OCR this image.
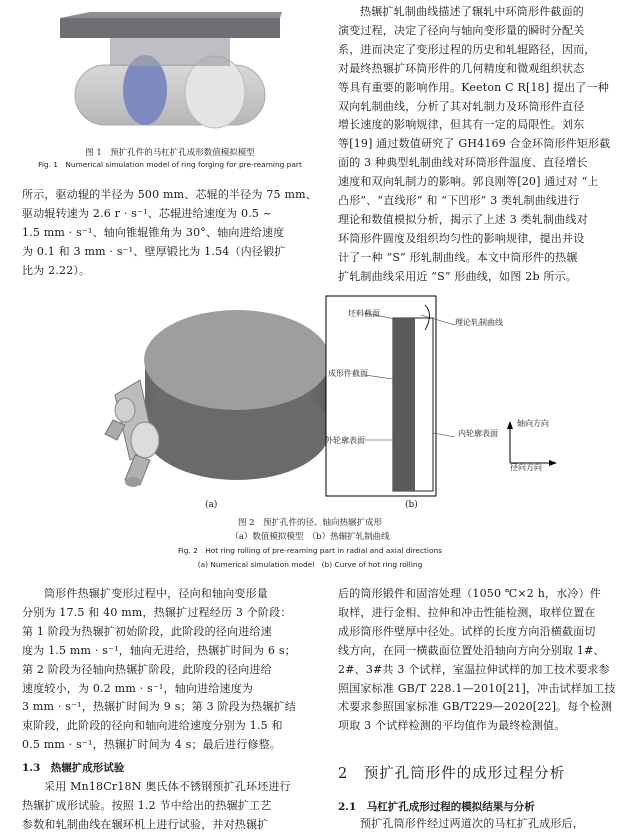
图 1　预扩孔件的马杠扩孔成形数值模拟模型
Fig. 1　Numerical simulation model of ring forging for pre-reaming part
所示，驱动辊的半径为 500 mm、芯辊的半径为 75 mm、
驱动辊转速为 2.6 r · s⁻¹、芯辊进给速度为 0.5 ~
1.5 mm · s⁻¹、轴向锥辊锥角为 30°、轴向进给速度
为 0.1 和 3 mm · s⁻¹、壁厚锻比为 1.54（内径锻扩
比为 2.22）。
热辗扩轧制曲线描述了辗轧中环筒形件截面的
演变过程，决定了径向与轴向变形量的瞬时分配关
系，进而决定了变形过程的历史和轧辊路径，因而，
对最终热辗扩环筒形件的几何精度和微观组织状态
等具有重要的影响作用。Keeton C R[18] 提出了一种
双向轧制曲线，分析了其对轧制力及环筒形件直径
增长速度的影响规律，但其有一定的局限性。刘东
等[19] 通过数值研究了 GH4169 合金环筒形件矩形截
面的 3 种典型轧制曲线对环筒形件温度、直径增长
速度和双向轧制力的影响。郭良刚等[20] 通过对 “上
凸形”、“直线形” 和 “下凹形” 3 类轧制曲线进行
理论和数值模拟分析，揭示了上述 3 类轧制曲线对
环筒形件圆度及组织均匀性的影响规律，提出并设
计了一种 “S” 形轧制曲线。本文中筒形件的热辗
扩轧制曲线采用近 “S” 形曲线，如图 2b 所示。
(a)
坯料截面
理论轧制曲线
成形件截面
内轮廓表面
外轮廓表面
轴向方向
径向方向
(b)
图 2　预扩孔件的径、轴向热辗扩成形
（a）数值模拟模型　（b）热辗扩轧制曲线
Fig. 2　Hot ring rolling of pre-reaming part in radial and axial directions
(a) Numerical simulation model　(b) Curve of hot ring rolling
筒形件热辗扩变形过程中，径向和轴向变形量
分别为 17.5 和 40 mm，热辗扩过程经历 3 个阶段：
第 1 阶段为热辗扩初始阶段，此阶段的径向进给速
度为 1.5 mm · s⁻¹，轴向无进给，热辗扩时间为 6 s；
第 2 阶段为径轴向热辗扩阶段，此阶段的径向进给
速度较小，为 0.2 mm · s⁻¹，轴向进给速度为
3 mm · s⁻¹，热辗扩时间为 9 s；第 3 阶段为热辗扩结
束阶段，此阶段的径向和轴向进给速度分别为 1.5 和
0.5 mm · s⁻¹，热辗扩时间为 4 s；最后进行修整。
1.3　热辗扩成形试验
采用 Mn18Cr18N 奥氏体不锈钢预扩孔环坯进行
热辗扩成形试验。按照 1.2 节中给出的热辗扩工艺
参数和轧制曲线在辗环机上进行试验，并对热辗扩
后的筒形锻件和固溶处理（1050 ℃×2 h，水冷）件
取样，进行金相、拉伸和冲击性能检测，取样位置在
成形筒形件壁厚中径处。试样的长度方向沿横截面切
线方向，在同一横截面位置处沿轴向方向分别取 1#、
2#、3#共 3 个试样，室温拉伸试样的加工技术要求参
照国家标准 GB/T 228.1—2010[21]，冲击试样加工技
术要求参照国家标准 GB/T229—2020[22]。每个检测
项取 3 个试样检测的平均值作为最终检测值。
2　预扩孔筒形件的成形过程分析
2.1　马杠扩孔成形过程的模拟结果与分析
预扩孔筒形件经过两道次的马杠扩孔成形后，
